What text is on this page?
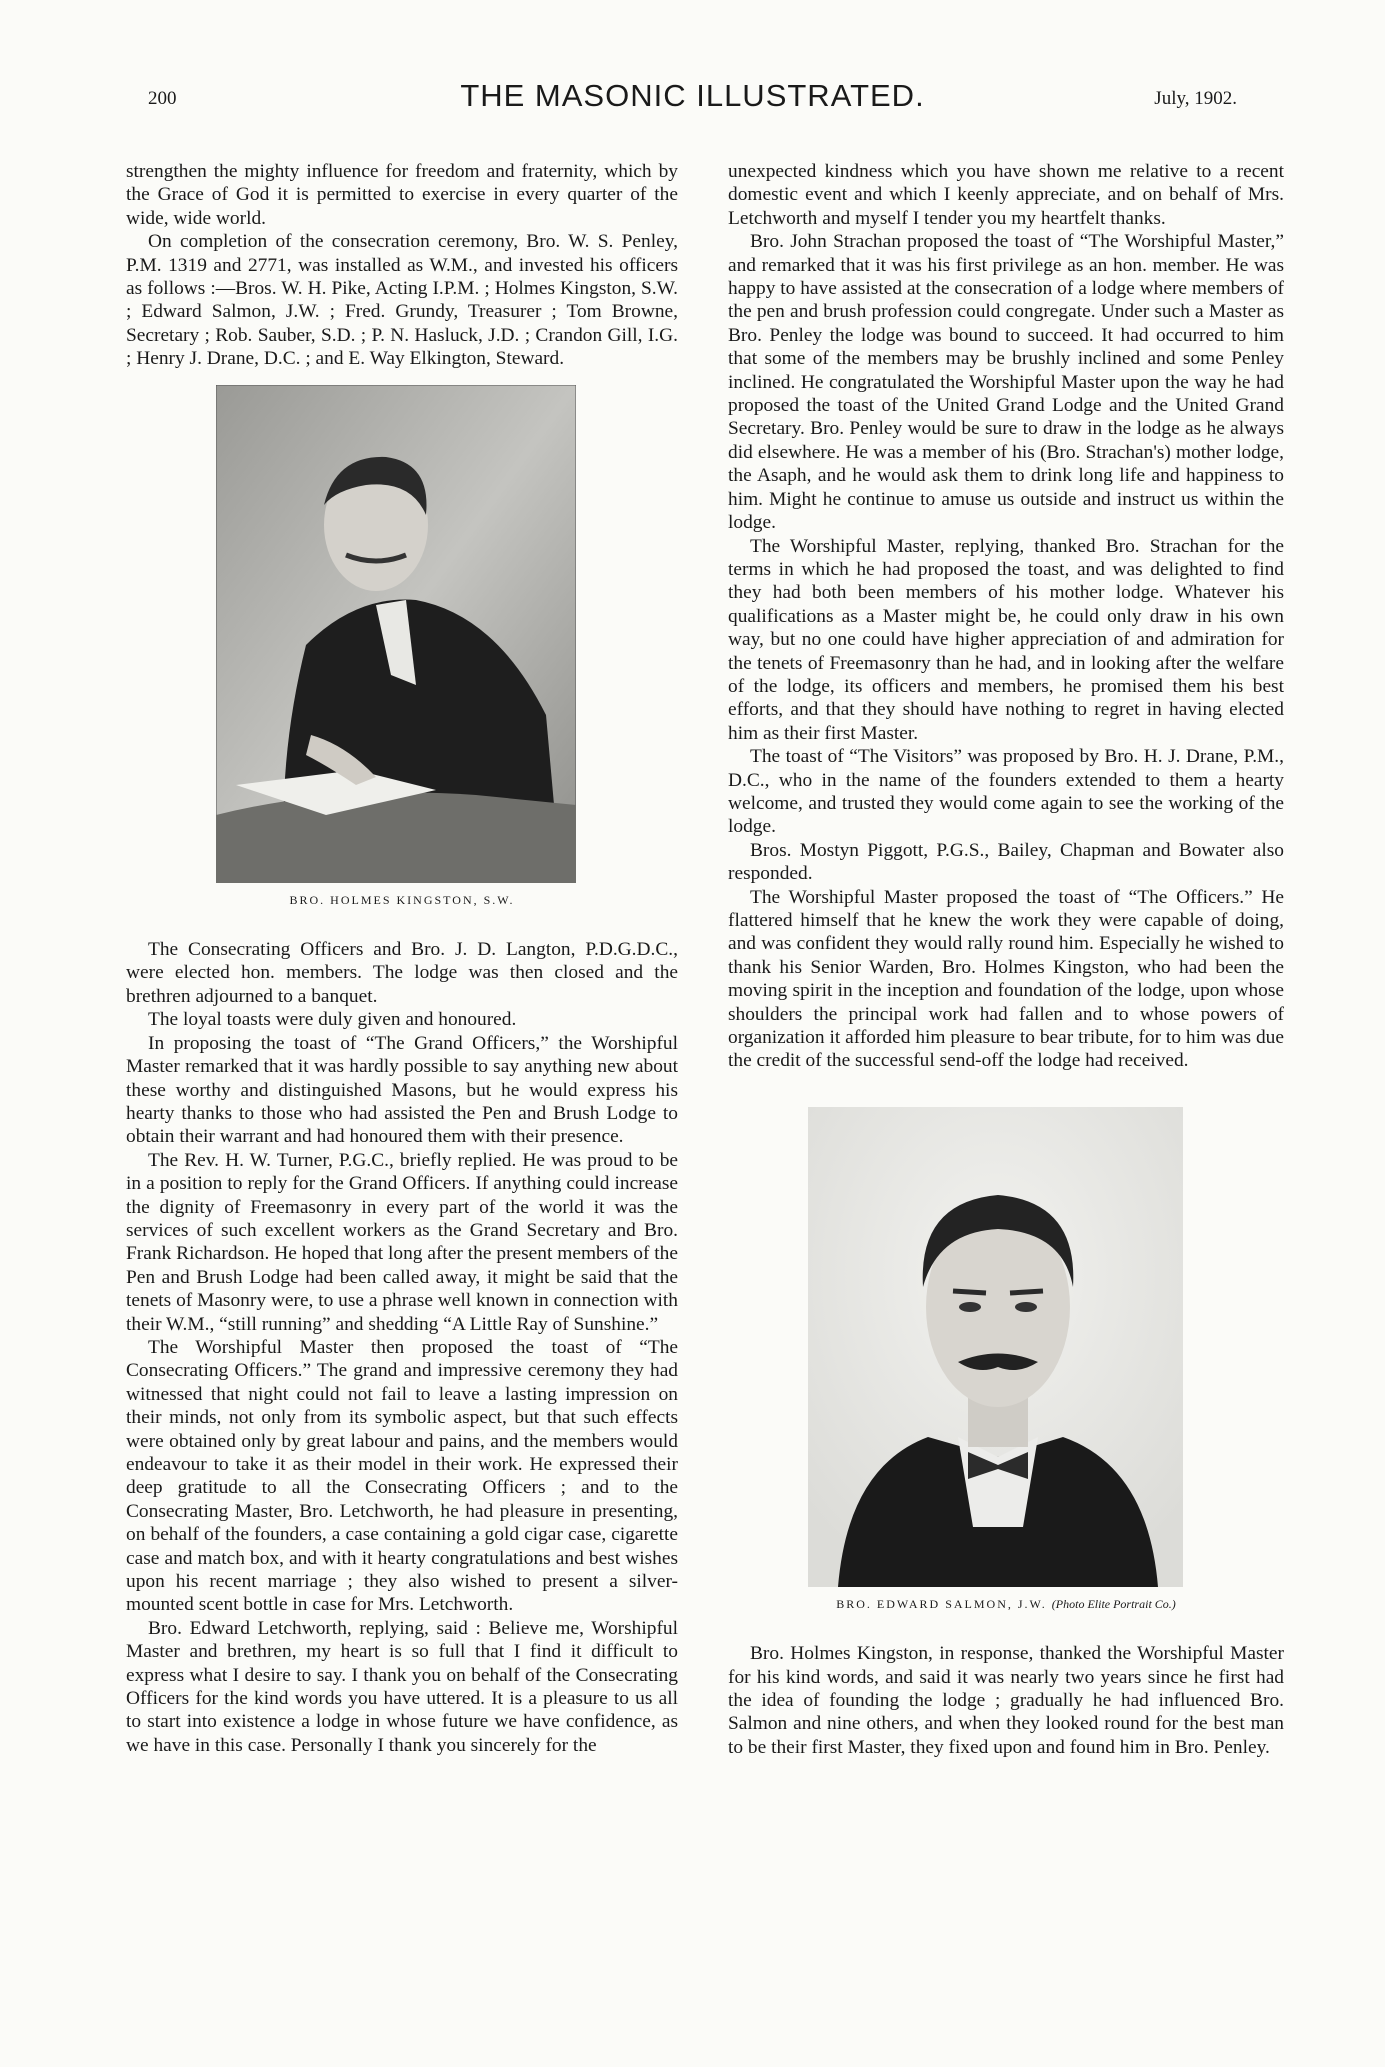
200	THE MASONIC ILLUSTRATED.	July, 1902.

strengthen the mighty influence for freedom and fraternity, which by the Grace of God it is permitted to exercise in every quarter of the wide, wide world.

On completion of the consecration ceremony, Bro. W. S. Penley, P.M. 1319 and 2771, was installed as W.M., and invested his officers as follows :—Bros. W. H. Pike, Acting I.P.M. ; Holmes Kingston, S.W. ; Edward Salmon, J.W. ; Fred. Grundy, Treasurer ; Tom Browne, Secretary ; Rob. Sauber, S.D. ; P. N. Hasluck, J.D. ; Crandon Gill, I.G. ; Henry J. Drane, D.C. ; and E. Way Elkington, Steward.

BRO. HOLMES KINGSTON, S.W.

The Consecrating Officers and Bro. J. D. Langton, P.D.G.D.C., were elected hon. members. The lodge was then closed and the brethren adjourned to a banquet.

The loyal toasts were duly given and honoured.

In proposing the toast of “The Grand Officers,” the Worshipful Master remarked that it was hardly possible to say anything new about these worthy and distinguished Masons, but he would express his hearty thanks to those who had assisted the Pen and Brush Lodge to obtain their warrant and had honoured them with their presence.

The Rev. H. W. Turner, P.G.C., briefly replied. He was proud to be in a position to reply for the Grand Officers. If anything could increase the dignity of Freemasonry in every part of the world it was the services of such excellent workers as the Grand Secretary and Bro. Frank Richardson. He hoped that long after the present members of the Pen and Brush Lodge had been called away, it might be said that the tenets of Masonry were, to use a phrase well known in connection with their W.M., “still running” and shedding “A Little Ray of Sunshine.”

The Worshipful Master then proposed the toast of “The Consecrating Officers.” The grand and impressive ceremony they had witnessed that night could not fail to leave a lasting impression on their minds, not only from its symbolic aspect, but that such effects were obtained only by great labour and pains, and the members would endeavour to take it as their model in their work. He expressed their deep gratitude to all the Consecrating Officers ; and to the Consecrating Master, Bro. Letchworth, he had pleasure in presenting, on behalf of the founders, a case containing a gold cigar case, cigarette case and match box, and with it hearty congratulations and best wishes upon his recent marriage ; they also wished to present a silver-mounted scent bottle in case for Mrs. Letchworth.

Bro. Edward Letchworth, replying, said : Believe me, Worshipful Master and brethren, my heart is so full that I find it difficult to express what I desire to say. I thank you on behalf of the Consecrating Officers for the kind words you have uttered. It is a pleasure to us all to start into existence a lodge in whose future we have confidence, as we have in this case. Personally I thank you sincerely for the

unexpected kindness which you have shown me relative to a recent domestic event and which I keenly appreciate, and on behalf of Mrs. Letchworth and myself I tender you my heartfelt thanks.

Bro. John Strachan proposed the toast of “The Worshipful Master,” and remarked that it was his first privilege as an hon. member. He was happy to have assisted at the consecration of a lodge where members of the pen and brush profession could congregate. Under such a Master as Bro. Penley the lodge was bound to succeed. It had occurred to him that some of the members may be brushly inclined and some Penley inclined. He congratulated the Worshipful Master upon the way he had proposed the toast of the United Grand Lodge and the United Grand Secretary. Bro. Penley would be sure to draw in the lodge as he always did elsewhere. He was a member of his (Bro. Strachan's) mother lodge, the Asaph, and he would ask them to drink long life and happiness to him. Might he continue to amuse us outside and instruct us within the lodge.

The Worshipful Master, replying, thanked Bro. Strachan for the terms in which he had proposed the toast, and was delighted to find they had both been members of his mother lodge. Whatever his qualifications as a Master might be, he could only draw in his own way, but no one could have higher appreciation of and admiration for the tenets of Freemasonry than he had, and in looking after the welfare of the lodge, its officers and members, he promised them his best efforts, and that they should have nothing to regret in having elected him as their first Master.

The toast of “The Visitors” was proposed by Bro. H. J. Drane, P.M., D.C., who in the name of the founders extended to them a hearty welcome, and trusted they would come again to see the working of the lodge.

Bros. Mostyn Piggott, P.G.S., Bailey, Chapman and Bowater also responded.

The Worshipful Master proposed the toast of “The Officers.” He flattered himself that he knew the work they were capable of doing, and was confident they would rally round him. Especially he wished to thank his Senior Warden, Bro. Holmes Kingston, who had been the moving spirit in the inception and foundation of the lodge, upon whose shoulders the principal work had fallen and to whose powers of organization it afforded him pleasure to bear tribute, for to him was due the credit of the successful send-off the lodge had received.

BRO. EDWARD SALMON, J.W. (Photo Elite Portrait Co.)

Bro. Holmes Kingston, in response, thanked the Worshipful Master for his kind words, and said it was nearly two years since he first had the idea of founding the lodge ; gradually he had influenced Bro. Salmon and nine others, and when they looked round for the best man to be their first Master, they fixed upon and found him in Bro. Penley.
